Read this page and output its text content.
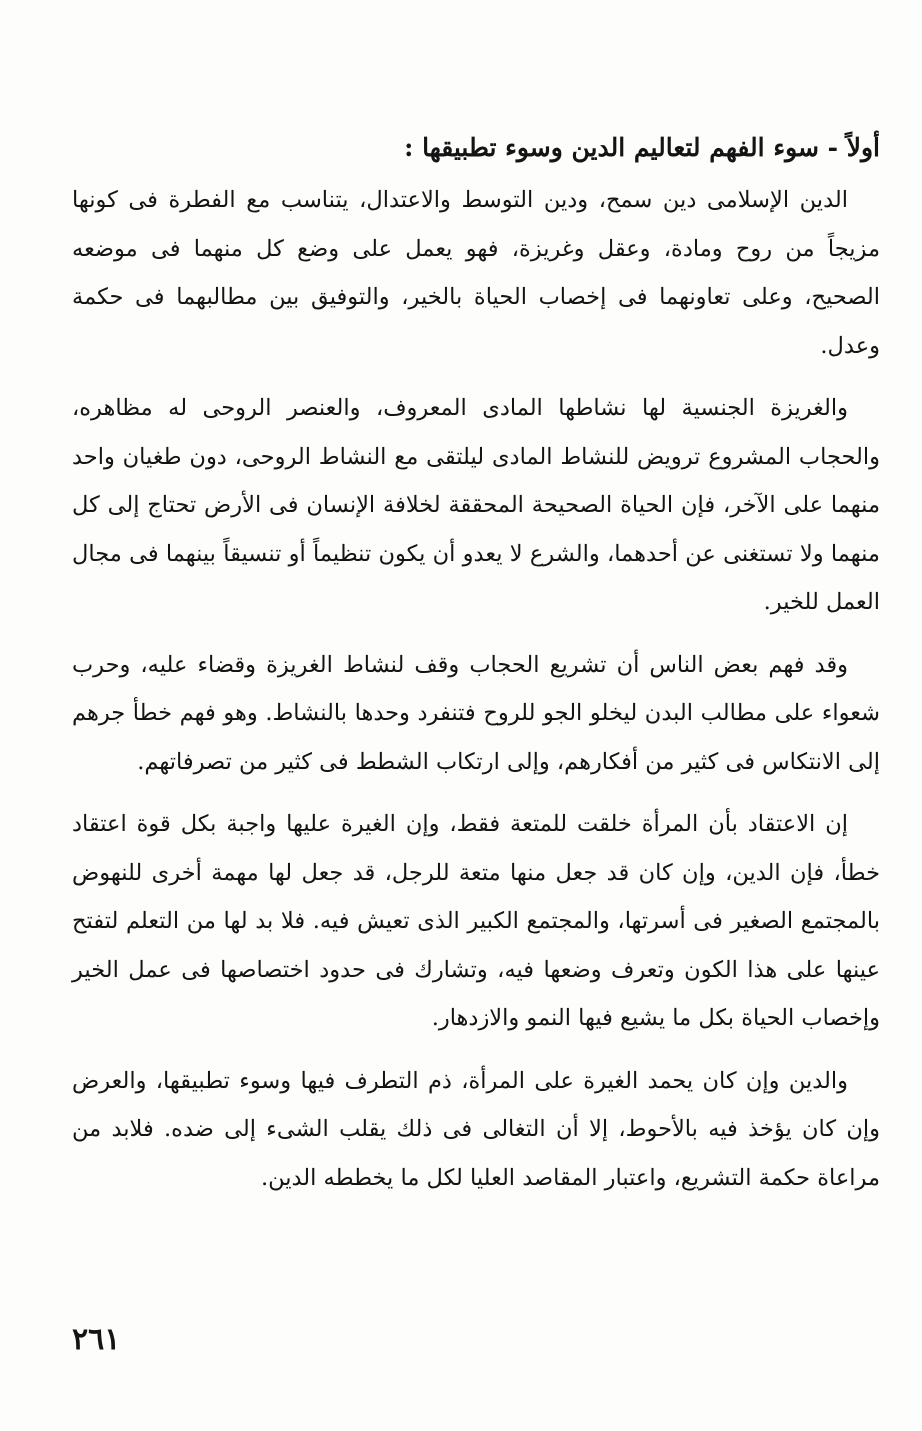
أولاً - سوء الفهم لتعاليم الدين وسوء تطبيقها :

الدين الإسلامى دين سمح، ودين التوسط والاعتدال، يتناسب مع الفطرة فى كونها مزيجاً من روح ومادة، وعقل وغريزة، فهو يعمل على وضع كل منهما فى موضعه الصحيح، وعلى تعاونهما فى إخصاب الحياة بالخير، والتوفيق بين مطالبهما فى حكمة وعدل.

والغريزة الجنسية لها نشاطها المادى المعروف، والعنصر الروحى له مظاهره، والحجاب المشروع ترويض للنشاط المادى ليلتقى مع النشاط الروحى، دون طغيان واحد منهما على الآخر، فإن الحياة الصحيحة المحققة لخلافة الإنسان فى الأرض تحتاج إلى كل منهما ولا تستغنى عن أحدهما، والشرع لا يعدو أن يكون تنظيماً أو تنسيقاً بينهما فى مجال العمل للخير.

وقد فهم بعض الناس أن تشريع الحجاب وقف لنشاط الغريزة وقضاء عليه، وحرب شعواء على مطالب البدن ليخلو الجو للروح فتنفرد وحدها بالنشاط. وهو فهم خطأ جرهم إلى الانتكاس فى كثير من أفكارهم، وإلى ارتكاب الشطط فى كثير من تصرفاتهم.

إن الاعتقاد بأن المرأة خلقت للمتعة فقط، وإن الغيرة عليها واجبة بكل قوة اعتقاد خطأ، فإن الدين، وإن كان قد جعل منها متعة للرجل، قد جعل لها مهمة أخرى للنهوض بالمجتمع الصغير فى أسرتها، والمجتمع الكبير الذى تعيش فيه. فلا بد لها من التعلم لتفتح عينها على هذا الكون وتعرف وضعها فيه، وتشارك فى حدود اختصاصها فى عمل الخير وإخصاب الحياة بكل ما يشيع فيها النمو والازدهار.

والدين وإن كان يحمد الغيرة على المرأة، ذم التطرف فيها وسوء تطبيقها، والعرض وإن كان يؤخذ فيه بالأحوط، إلا أن التغالى فى ذلك يقلب الشىء إلى ضده. فلابد من مراعاة حكمة التشريع، واعتبار المقاصد العليا لكل ما يخططه الدين.

٢٦١
